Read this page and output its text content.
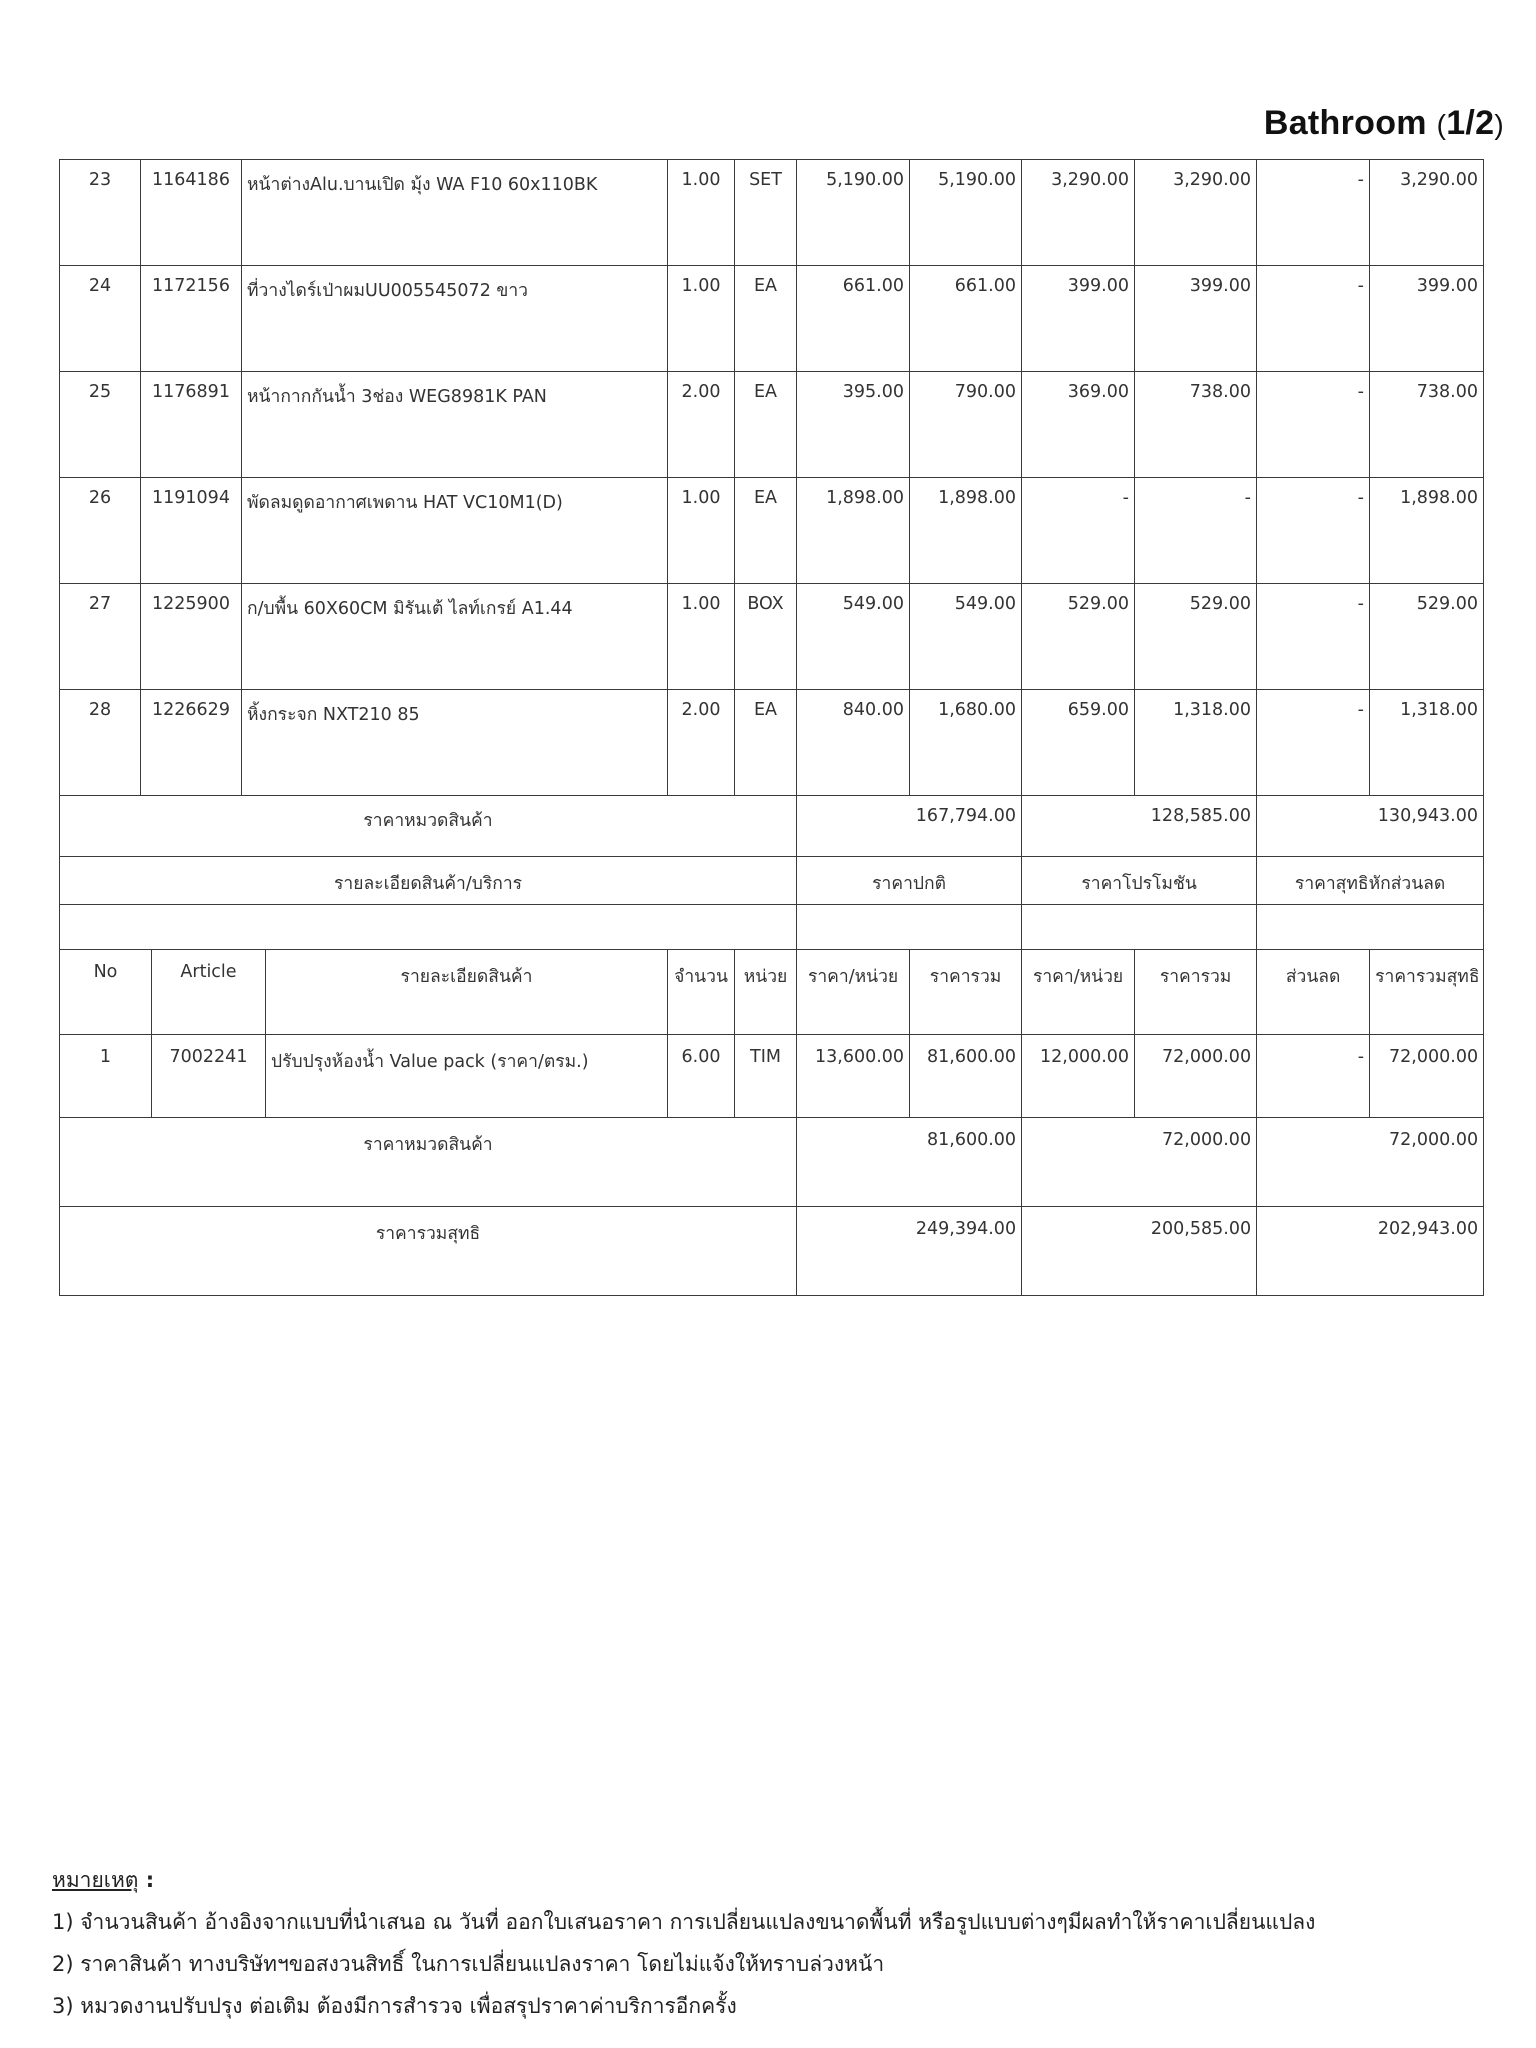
Bathroom (1/2)
23	1164186	หน้าต่างAlu.บานเปิด มุ้ง WA F10 60x110BK	1.00	SET	5,190.00	5,190.00	3,290.00	3,290.00	-	3,290.00
24	1172156	ที่วางไดร์เป่าผมUU005545072 ขาว	1.00	EA	661.00	661.00	399.00	399.00	-	399.00
25	1176891	หน้ากากกันน้ำ 3ช่อง WEG8981K PAN	2.00	EA	395.00	790.00	369.00	738.00	-	738.00
26	1191094	พัดลมดูดอากาศเพดาน HAT VC10M1(D)	1.00	EA	1,898.00	1,898.00	-	-	-	1,898.00
27	1225900	ก/บพื้น 60X60CM มิรันเต้ ไลท์เกรย์ A1.44	1.00	BOX	549.00	549.00	529.00	529.00	-	529.00
28	1226629	หิ้งกระจก NXT210 85	2.00	EA	840.00	1,680.00	659.00	1,318.00	-	1,318.00
ราคาหมวดสินค้า					167,794.00		128,585.00		130,943.00	
รายละเอียดสินค้า/บริการ					ราคาปกติ		ราคาโปรโมชัน		ราคาสุทธิหักส่วนลด	
No	Article	รายละเอียดสินค้า	จำนวน	หน่วย	ราคา/หน่วย	ราคารวม	ราคา/หน่วย	ราคารวม	ส่วนลด	ราคารวมสุทธิ
1	7002241	ปรับปรุงห้องน้ำ Value pack (ราคา/ตรม.)	6.00	TIM	13,600.00	81,600.00	12,000.00	72,000.00	-	72,000.00
ราคาหมวดสินค้า					81,600.00		72,000.00		72,000.00	
ราคารวมสุทธิ					249,394.00		200,585.00		202,943.00	
หมายเหตุ :
1) จำนวนสินค้า อ้างอิงจากแบบที่นำเสนอ ณ วันที่ ออกใบเสนอราคา การเปลี่ยนแปลงขนาดพื้นที่ หรือรูปแบบต่างๆมีผลทำให้ราคาเปลี่ยนแปลง
2) ราคาสินค้า ทางบริษัทฯขอสงวนสิทธิ์ ในการเปลี่ยนแปลงราคา โดยไม่แจ้งให้ทราบล่วงหน้า
3) หมวดงานปรับปรุง ต่อเติม ต้องมีการสำรวจ เพื่อสรุปราคาค่าบริการอีกครั้ง
